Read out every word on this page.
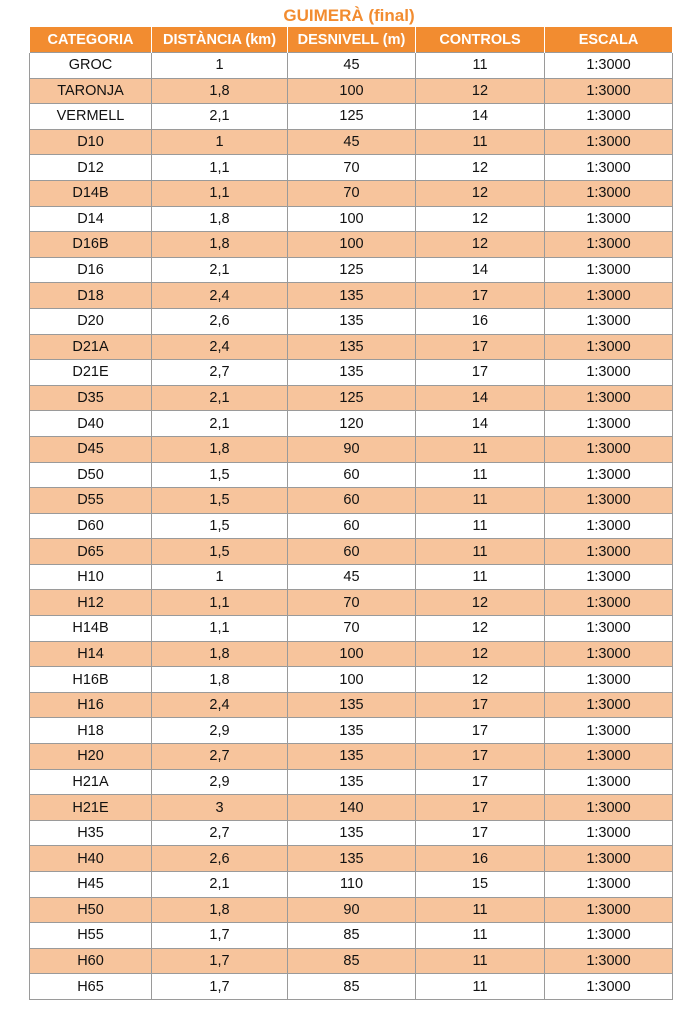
GUIMERÀ (final)
CATEGORIA	DISTÀNCIA (km)	DESNIVELL (m)	CONTROLS	ESCALA
GROC	1	45	11	1:3000
TARONJA	1,8	100	12	1:3000
VERMELL	2,1	125	14	1:3000
D10	1	45	11	1:3000
D12	1,1	70	12	1:3000
D14B	1,1	70	12	1:3000
D14	1,8	100	12	1:3000
D16B	1,8	100	12	1:3000
D16	2,1	125	14	1:3000
D18	2,4	135	17	1:3000
D20	2,6	135	16	1:3000
D21A	2,4	135	17	1:3000
D21E	2,7	135	17	1:3000
D35	2,1	125	14	1:3000
D40	2,1	120	14	1:3000
D45	1,8	90	11	1:3000
D50	1,5	60	11	1:3000
D55	1,5	60	11	1:3000
D60	1,5	60	11	1:3000
D65	1,5	60	11	1:3000
H10	1	45	11	1:3000
H12	1,1	70	12	1:3000
H14B	1,1	70	12	1:3000
H14	1,8	100	12	1:3000
H16B	1,8	100	12	1:3000
H16	2,4	135	17	1:3000
H18	2,9	135	17	1:3000
H20	2,7	135	17	1:3000
H21A	2,9	135	17	1:3000
H21E	3	140	17	1:3000
H35	2,7	135	17	1:3000
H40	2,6	135	16	1:3000
H45	2,1	110	15	1:3000
H50	1,8	90	11	1:3000
H55	1,7	85	11	1:3000
H60	1,7	85	11	1:3000
H65	1,7	85	11	1:3000
